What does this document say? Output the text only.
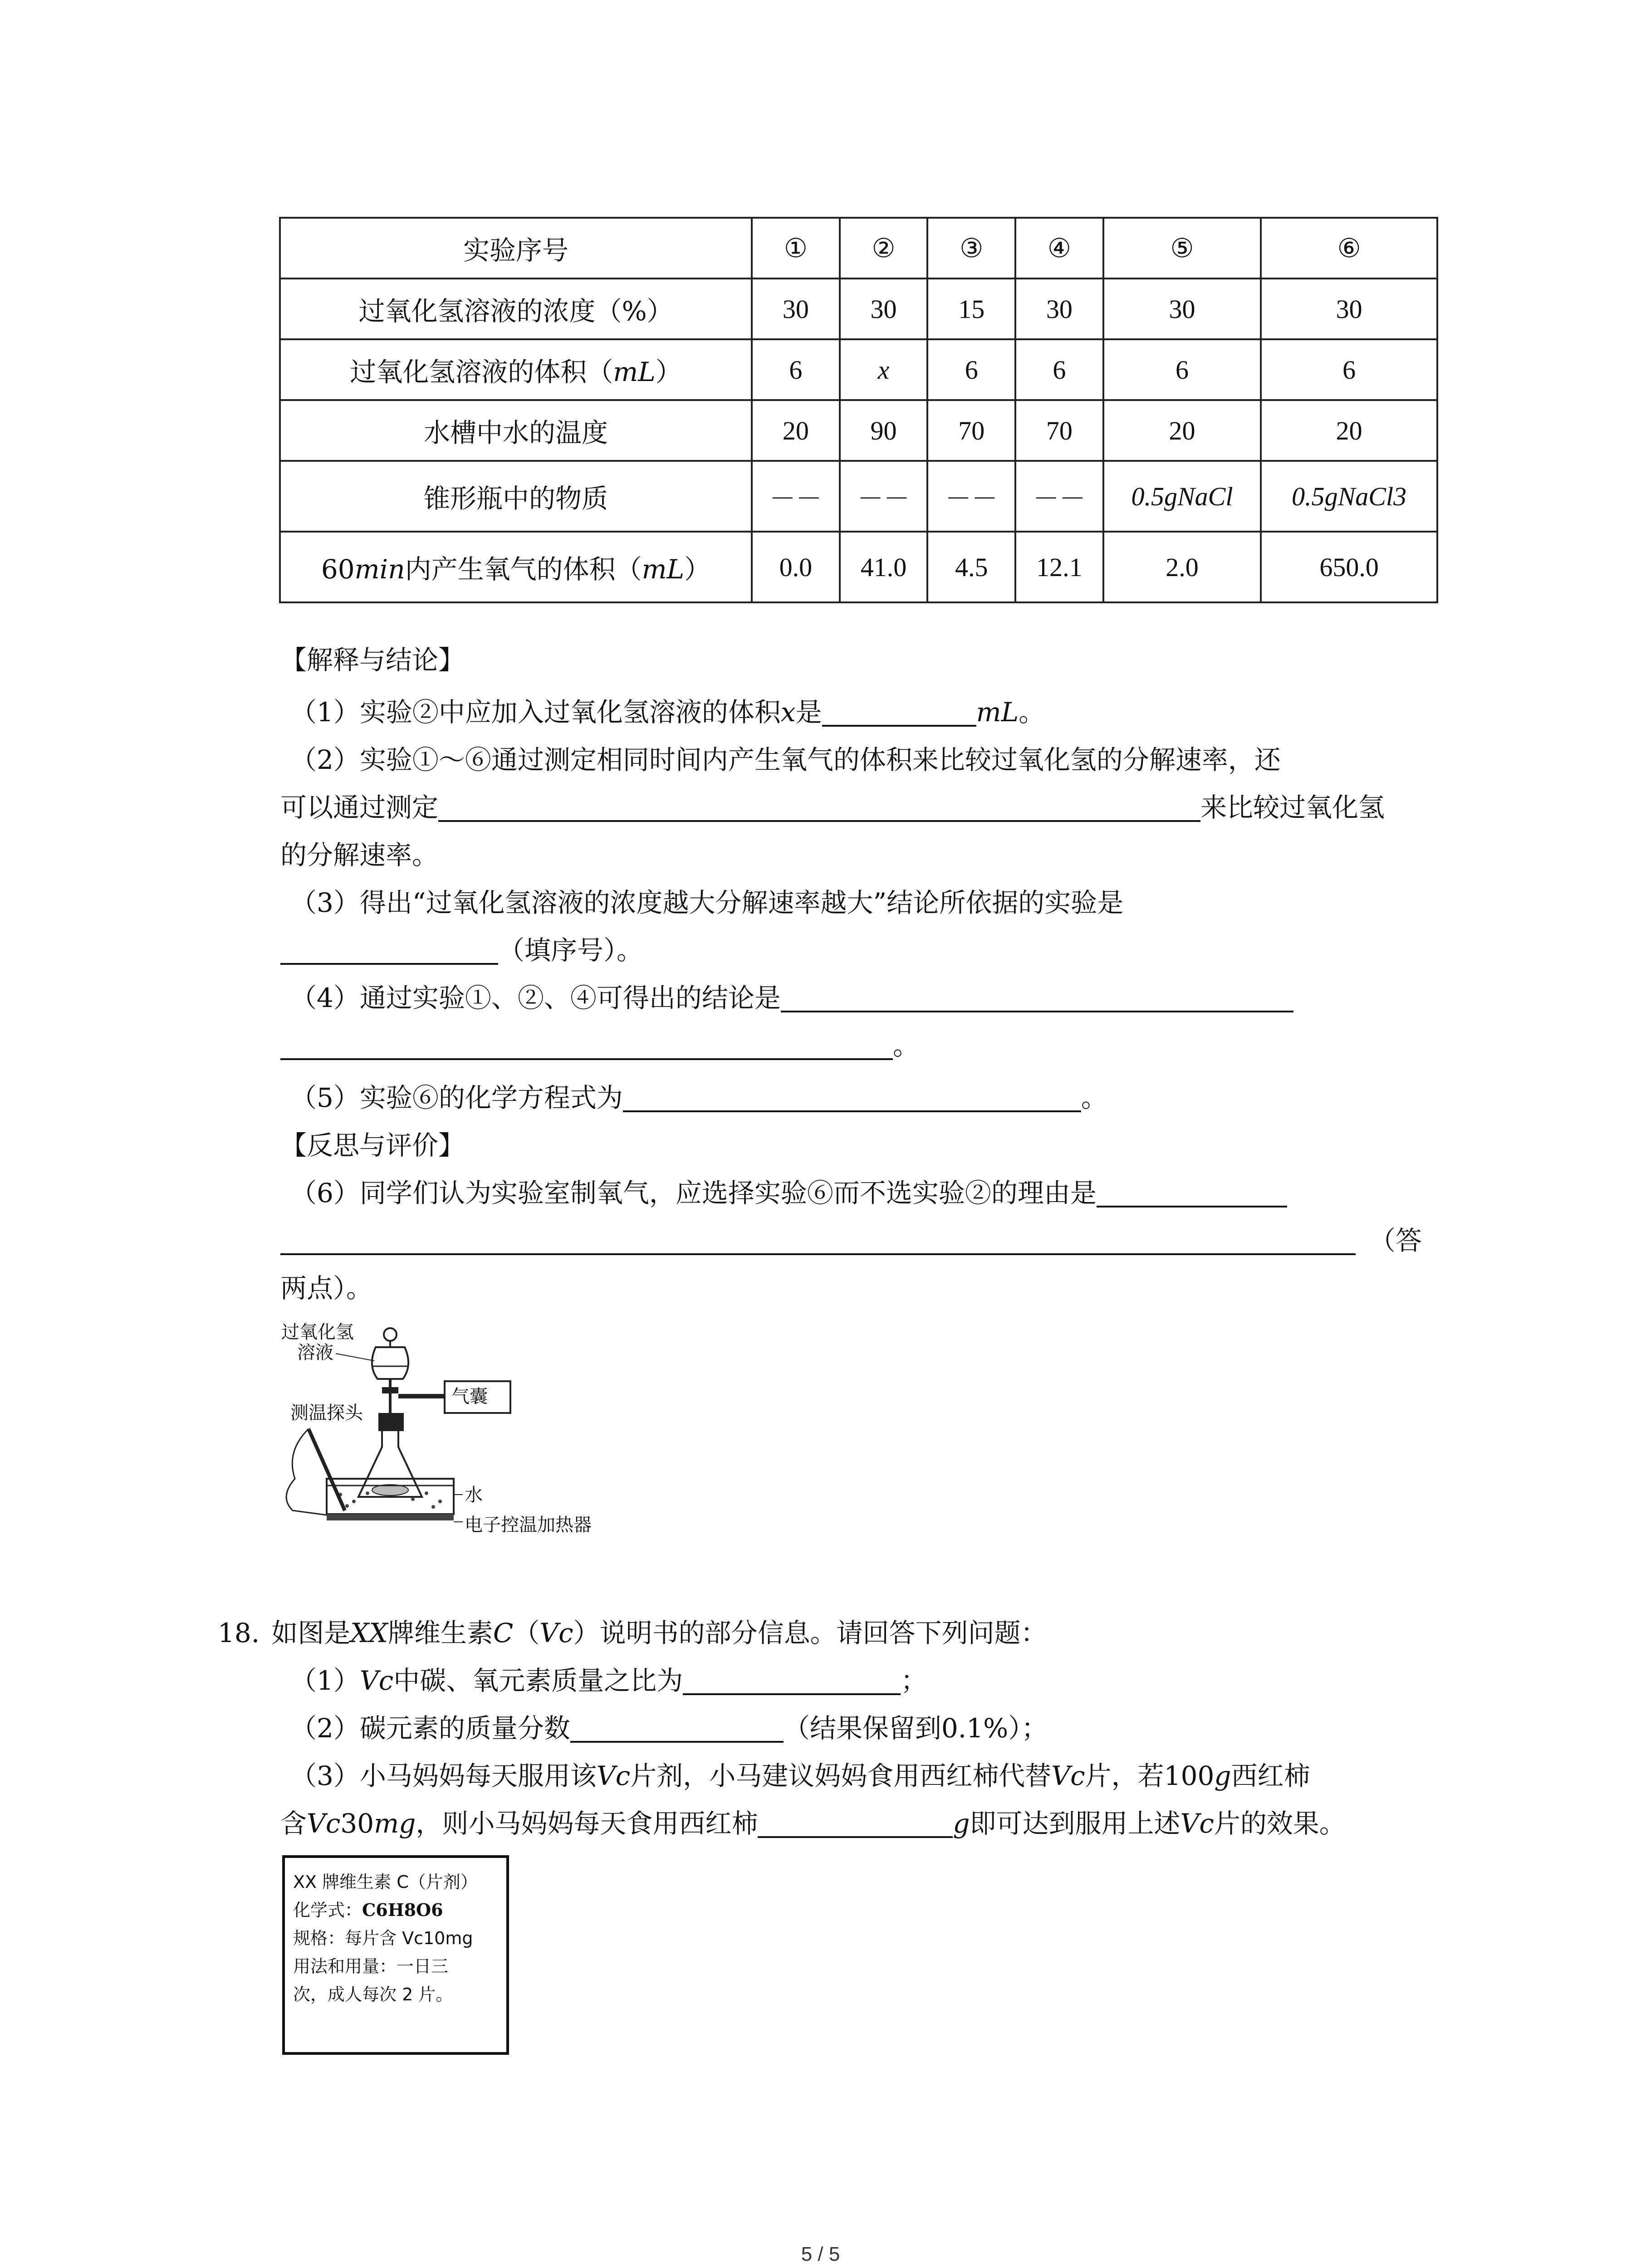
实验序号	①	②	③	④	⑤	⑥
过氧化氢溶液的浓度（%）	30	30	15	30	30	30
过氧化氢溶液的体积（mL）	6	x	6	6	6	6
水槽中水的温度	20	90	70	70	20	20
锥形瓶中的物质	－－	－－	－－	－－	0.5gNaCl	0.5gNaCl3
60min内产生氧气的体积（mL）	0.0	41.0	4.5	12.1	2.0	650.0
【解释与结论】
（1）实验②中应加入过氧化氢溶液的体积x是	mL。
（2）实验①～⑥通过测定相同时间内产生氧气的体积来比较过氧化氢的分解速率，还
可以通过测定	来比较过氧化氢
的分解速率。
（3）得出“过氧化氢溶液的浓度越大分解速率越大”结论所依据的实验是
（填序号）。
（4）通过实验①、②、④可得出的结论是
。
（5）实验⑥的化学方程式为	。
【反思与评价】
（6）同学们认为实验室制氧气，应选择实验⑥而不选实验②的理由是
（答
两点）。
气囊
过氧化氢
溶液
测温探头
水
电子控温加热器
18. 如图是XX牌维生素C（Vc）说明书的部分信息。请回答下列问题：
（1）Vc中碳、氧元素质量之比为	；
（2）碳元素的质量分数	（结果保留到0.1%）；
（3）小马妈妈每天服用该Vc片剂，小马建议妈妈食用西红柿代替Vc片，若100g西红柿
含Vc30mg，则小马妈妈每天食用西红柿	g即可达到服用上述Vc片的效果。
XX 牌维生素 C（片剂）
化学式：C6H8O6
规格：每片含 Vc10mg
用法和用量：一日三
次，成人每次 2 片。
5 / 5
